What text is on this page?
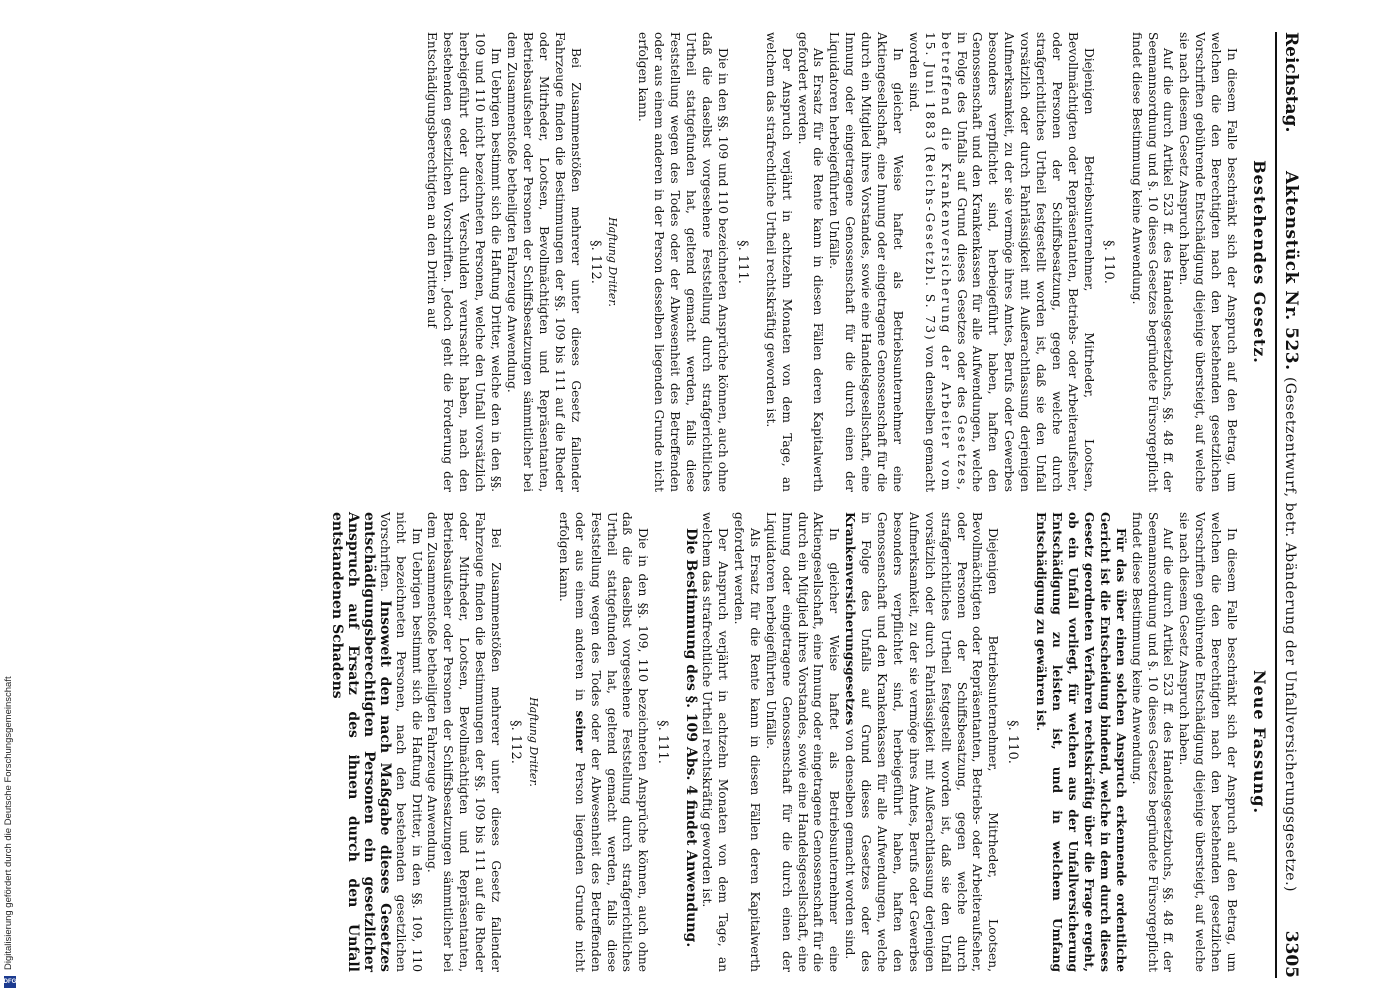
Reichstag.
Aktenstück Nr. 523. (Gesetzentwurf, betr. Abänderung der Unfallversicherungsgesetze.)
3305
Bestehendes Gesetz.

In diesem Falle beschränkt sich der Anspruch auf den Betrag, um welchen die den Berechtigten nach den bestehenden gesetzlichen Vorschriften gebührende Entschädigung diejenige übersteigt, auf welche sie nach diesem Gesetz Anspruch haben.

Auf die durch Artikel 523 ff. des Handelsgesetzbuchs, §§. 48 ff. der Seemannsordnung und §. 10 dieses Gesetzes begründete Fürsorgepflicht findet diese Bestimmung keine Anwendung.

§. 110.

Diejenigen Betriebsunternehmer, Mitrheder, Lootsen, Bevollmächtigten oder Repräsentanten, Betriebs- oder Arbeiteraufseher, oder Personen der Schiffsbesatzung, gegen welche durch strafgerichtliches Urtheil festgestellt worden ist, daß sie den Unfall vorsätzlich oder durch Fahrlässigkeit mit Außerachtlassung derjenigen Aufmerksamkeit, zu der sie vermöge ihres Amtes, Berufs oder Gewerbes besonders verpflichtet sind, herbeigeführt haben, haften den Genossenschaft und den Krankenkassen für alle Aufwendungen, welche in Folge des Unfalls auf Grund dieses Gesetzes oder des Gesetzes, betreffend die Krankenversicherung der Arbeiter vom 15. Juni 1883 (Reichs-Gesetzbl. S. 73) von denselben gemacht worden sind.

In gleicher Weise haftet als Betriebsunternehmer eine Aktiengesellschaft, eine Innung oder eingetragene Genossenschaft für die durch ein Mitglied ihres Vorstandes, sowie eine Handelsgesellschaft, eine Innung oder eingetragene Genossenschaft für die durch einen der Liquidatoren herbeigeführten Unfälle.

Als Ersatz für die Rente kann in diesen Fällen deren Kapitalwerth gefordert werden.

Der Anspruch verjährt in achtzehn Monaten von dem Tage, an welchem das strafrechtliche Urtheil rechtskräftig geworden ist.

§. 111.

Die in den §§. 109 und 110 bezeichneten Ansprüche können, auch ohne daß die daselbst vorgesehene Feststellung durch strafgerichtliches Urtheil stattgefunden hat, geltend gemacht werden, falls diese Feststellung wegen des Todes oder der Abwesenheit des Betreffenden oder aus einem anderen in der Person desselben liegenden Grunde nicht erfolgen kann.

Haftung Dritter.
§. 112.

Bei Zusammenstößen mehrerer unter dieses Gesetz fallender Fahrzeuge finden die Bestimmungen der §§. 109 bis 111 auf die Rheder oder Mitrheder, Lootsen, Bevollmächtigten und Repräsentanten, Betriebsaufseher oder Personen der Schiffsbesatzungen sämmtlicher bei dem Zusammenstoße betheiligten Fahrzeuge Anwendung.

Im Uebrigen bestimmt sich die Haftung Dritter, welche den in den §§. 109 und 110 nicht bezeichneten Personen, welche den Unfall vorsätzlich herbeigeführt oder durch Verschulden verursacht haben, nach den bestehenden gesetzlichen Vorschriften. Jedoch geht die Forderung der Entschädigungsberechtigten an den Dritten auf

Neue Fassung.

In diesem Falle beschränkt sich der Anspruch auf den Betrag, um welchen die den Berechtigten nach den bestehenden gesetzlichen Vorschriften gebührende Entschädigung diejenige übersteigt, auf welche sie nach diesem Gesetz Anspruch haben.

Auf die durch Artikel 523 ff. des Handelsgesetzbuchs, §§. 48 ff. der Seemannsordnung und §. 10 dieses Gesetzes begründete Fürsorgepflicht findet diese Bestimmung keine Anwendung.

Für das über einen solchen Anspruch erkennende ordentliche Gericht ist die Entscheidung bindend, welche in dem durch dieses Gesetz geordneten Verfahren rechtskräftig über die Frage ergeht, ob ein Unfall vorliegt, für welchen aus der Unfallversicherung Entschädigung zu leisten ist, und in welchem Umfang Entschädigung zu gewähren ist.

§. 110.

Diejenigen Betriebsunternehmer, Mitrheder, Lootsen, Bevollmächtigten oder Repräsentanten, Betriebs- oder Arbeiteraufseher, oder Personen der Schiffsbesatzung, gegen welche durch strafgerichtliches Urtheil festgestellt worden ist, daß sie den Unfall vorsätzlich oder durch Fahrlässigkeit mit Außerachtlassung derjenigen Aufmerksamkeit, zu der sie vermöge ihres Amtes, Berufs oder Gewerbes besonders verpflichtet sind, herbeigeführt haben, haften den Genossenschaft und den Krankenkassen für alle Aufwendungen, welche in Folge des Unfalls auf Grund dieses Gesetzes oder des Krankenversicherungsgesetzes von denselben gemacht worden sind.

In gleicher Weise haftet als Betriebsunternehmer eine Aktiengesellschaft, eine Innung oder eingetragene Genossenschaft für die durch ein Mitglied ihres Vorstandes, sowie eine Handelsgesellschaft, eine Innung oder eingetragene Genossenschaft für die durch einen der Liquidatoren herbeigeführten Unfälle.

Als Ersatz für die Rente kann in diesen Fällen deren Kapitalwerth gefordert werden.

Der Anspruch verjährt in achtzehn Monaten von dem Tage, an welchem das strafrechtliche Urtheil rechtskräftig geworden ist.

Die Bestimmung des §. 109 Abs. 4 findet Anwendung.

§. 111.

Die in den §§. 109, 110 bezeichneten Ansprüche können, auch ohne daß die daselbst vorgesehene Feststellung durch strafgerichtliches Urtheil stattgefunden hat, geltend gemacht werden, falls diese Feststellung wegen des Todes oder der Abwesenheit des Betreffenden oder aus einem anderen in seiner Person liegenden Grunde nicht erfolgen kann.

Haftung Dritter.
§. 112.

Bei Zusammenstößen mehrerer unter dieses Gesetz fallender Fahrzeuge finden die Bestimmungen der §§. 109 bis 111 auf die Rheder oder Mitrheder, Lootsen, Bevollmächtigten und Repräsentanten, Betriebsaufseher oder Personen der Schiffsbesatzungen sämmtlicher bei dem Zusammenstoße betheiligten Fahrzeuge Anwendung.

Im Uebrigen bestimmt sich die Haftung Dritter, in den §§. 109, 110 nicht bezeichneten Personen, nach den bestehenden gesetzlichen Vorschriften. Insoweit den nach Maßgabe dieses Gesetzes entschädigungsberechtigten Personen ein gesetzlicher Anspruch auf Ersatz des ihnen durch den Unfall entstandenen Schadens

Digitalisierung gefördert durch die Deutsche Forschungsgemeinschaft
DFG
